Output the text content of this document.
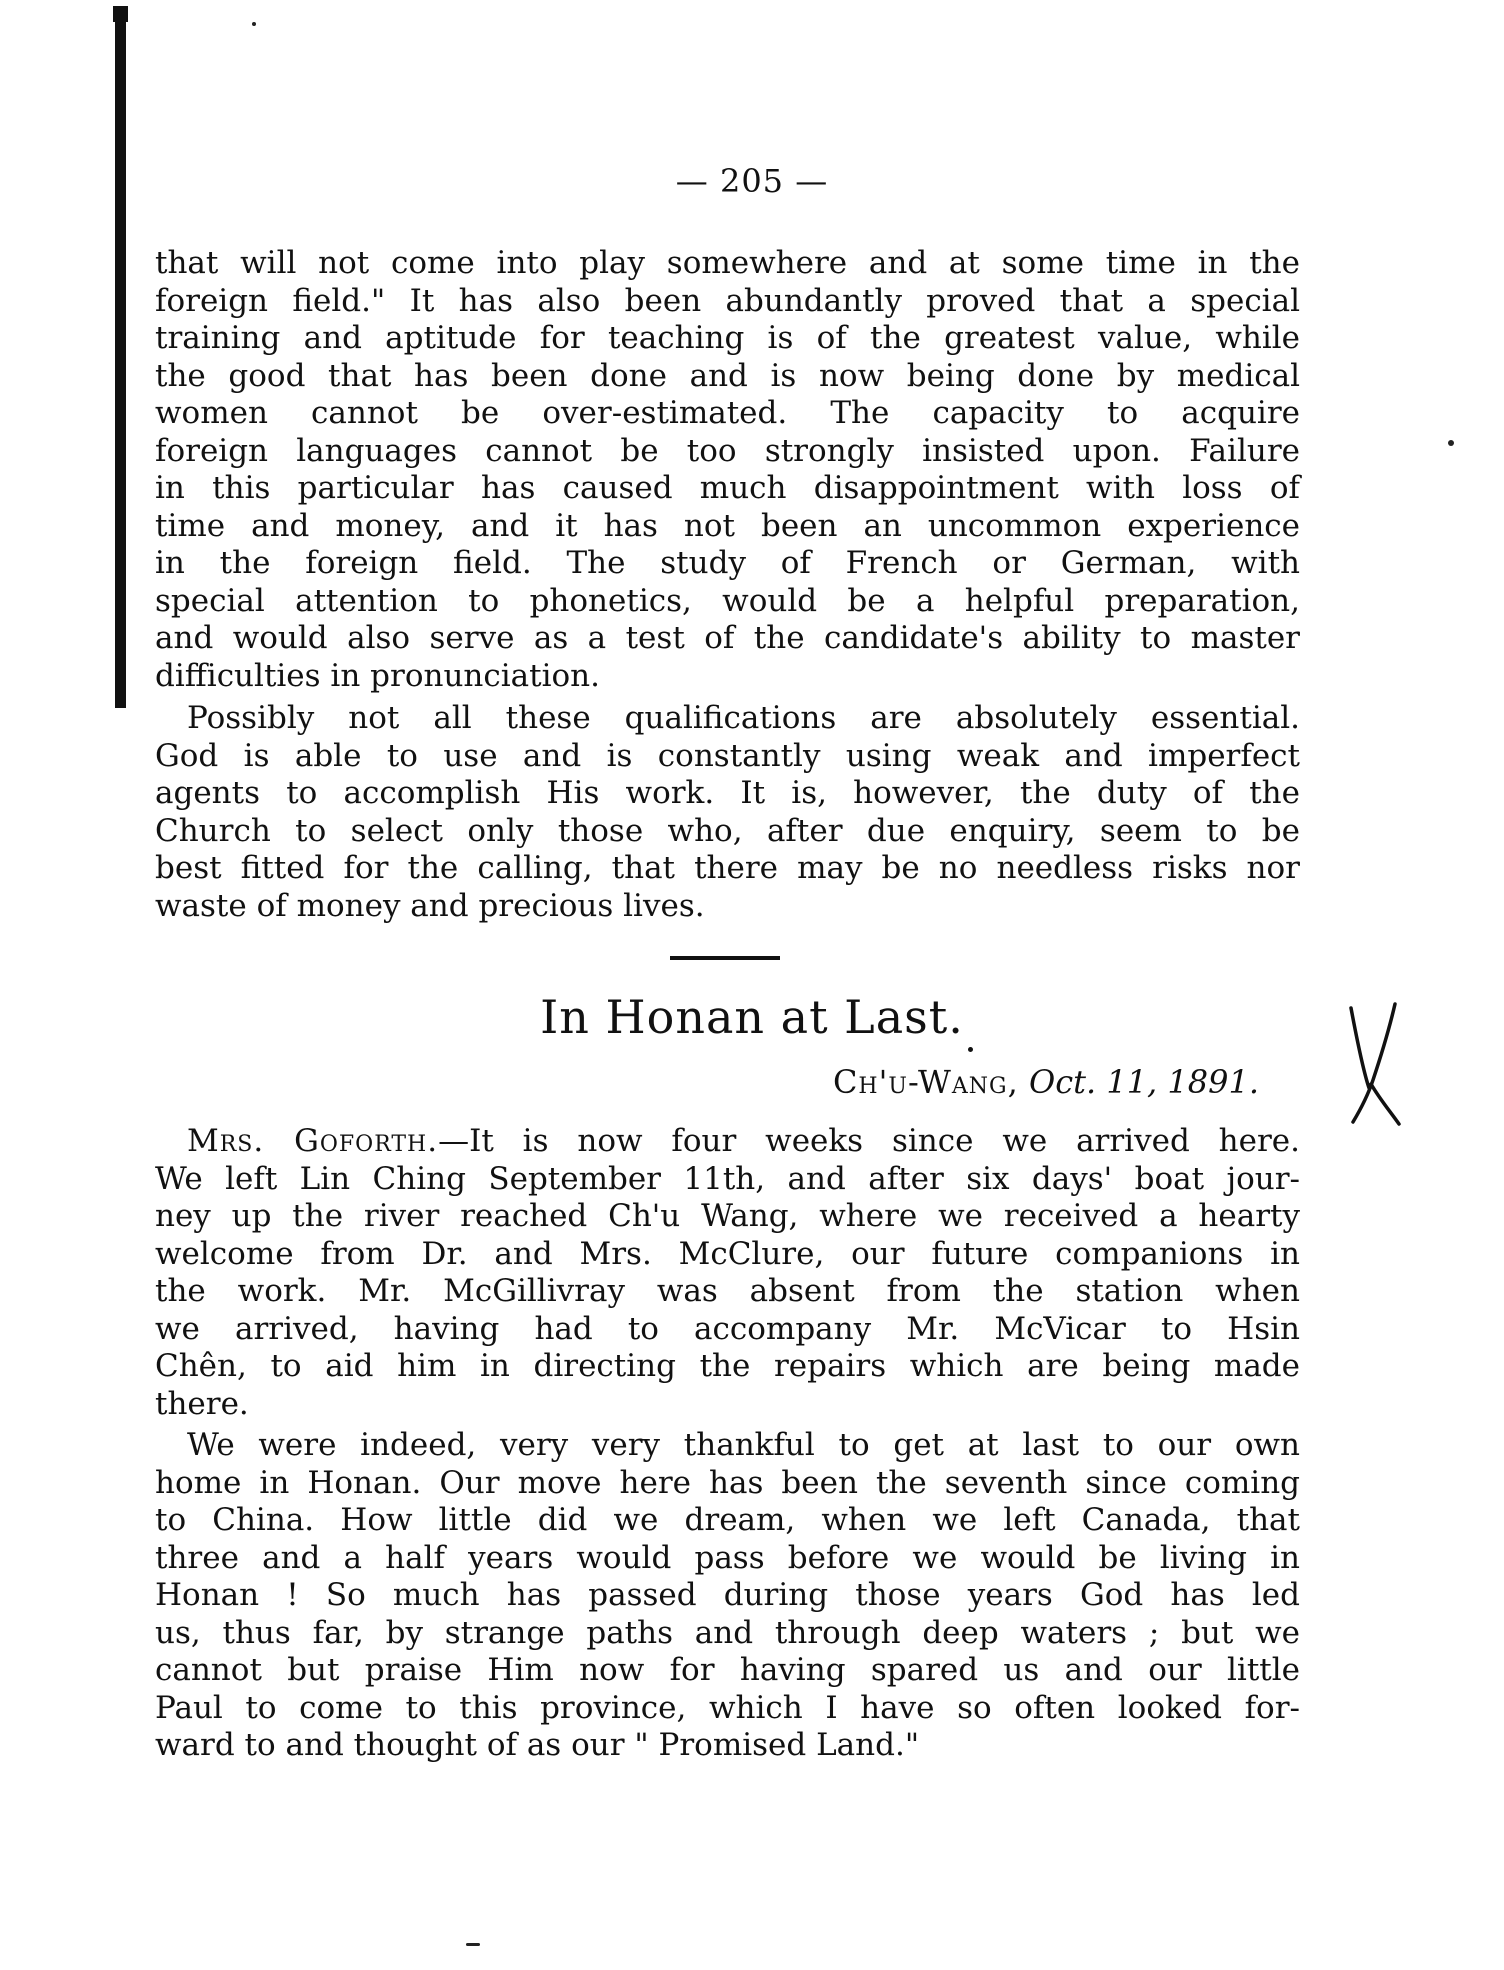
— 205 —
that will not come into play somewhere and at some time in the
foreign field." It has also been abundantly proved that a special
training and aptitude for teaching is of the greatest value, while
the good that has been done and is now being done by medical
women cannot be over-estimated. The capacity to acquire
foreign languages cannot be too strongly insisted upon. Failure
in this particular has caused much disappointment with loss of
time and money, and it has not been an uncommon experience
in the foreign field. The study of French or German, with
special attention to phonetics, would be a helpful preparation,
and would also serve as a test of the candidate's ability to master
difficulties in pronunciation.
Possibly not all these qualifications are absolutely essential.
God is able to use and is constantly using weak and imperfect
agents to accomplish His work. It is, however, the duty of the
Church to select only those who, after due enquiry, seem to be
best fitted for the calling, that there may be no needless risks nor
waste of money and precious lives.
In Honan at Last.
Ch'u-Wang, Oct. 11, 1891.
Mrs. Goforth.—It is now four weeks since we arrived here.
We left Lin Ching September 11th, and after six days' boat jour-
ney up the river reached Ch'u Wang, where we received a hearty
welcome from Dr. and Mrs. McClure, our future companions in
the work. Mr. McGillivray was absent from the station when
we arrived, having had to accompany Mr. McVicar to Hsin
Chên, to aid him in directing the repairs which are being made
there.
We were indeed, very very thankful to get at last to our own
home in Honan. Our move here has been the seventh since coming
to China. How little did we dream, when we left Canada, that
three and a half years would pass before we would be living in
Honan ! So much has passed during those years God has led
us, thus far, by strange paths and through deep waters ; but we
cannot but praise Him now for having spared us and our little
Paul to come to this province, which I have so often looked for-
ward to and thought of as our " Promised Land."
